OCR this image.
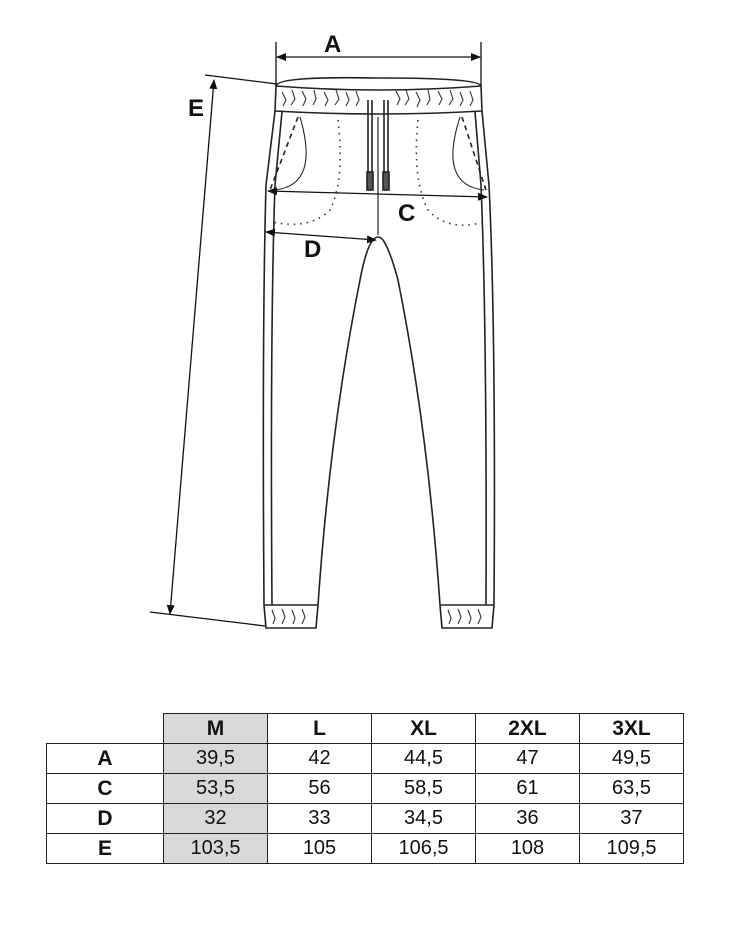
A
C
D
E
	M	L	XL	2XL	3XL
A	39,5	42	44,5	47	49,5
C	53,5	56	58,5	61	63,5
D	32	33	34,5	36	37
E	103,5	105	106,5	108	109,5
